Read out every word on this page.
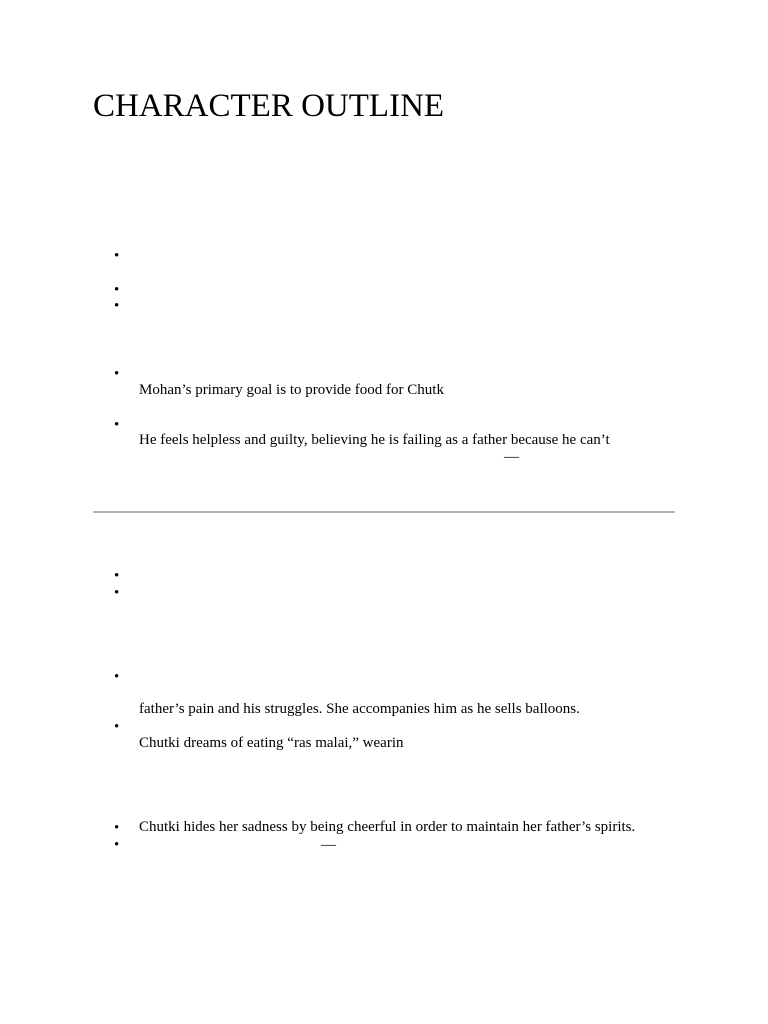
CHARACTER OUTLINE
•
•
•
•
Mohan’s primary goal is to provide food for Chutk
•
He feels helpless and guilty, believing he is failing as a father because he can’t
—
•
•
•
father’s pain and his struggles. She accompanies him as he sells balloons.
•
Chutki dreams of eating “ras malai,” wearin
• Chutki hides her sadness by being cheerful in order to maintain her father’s spirits.
•	—
